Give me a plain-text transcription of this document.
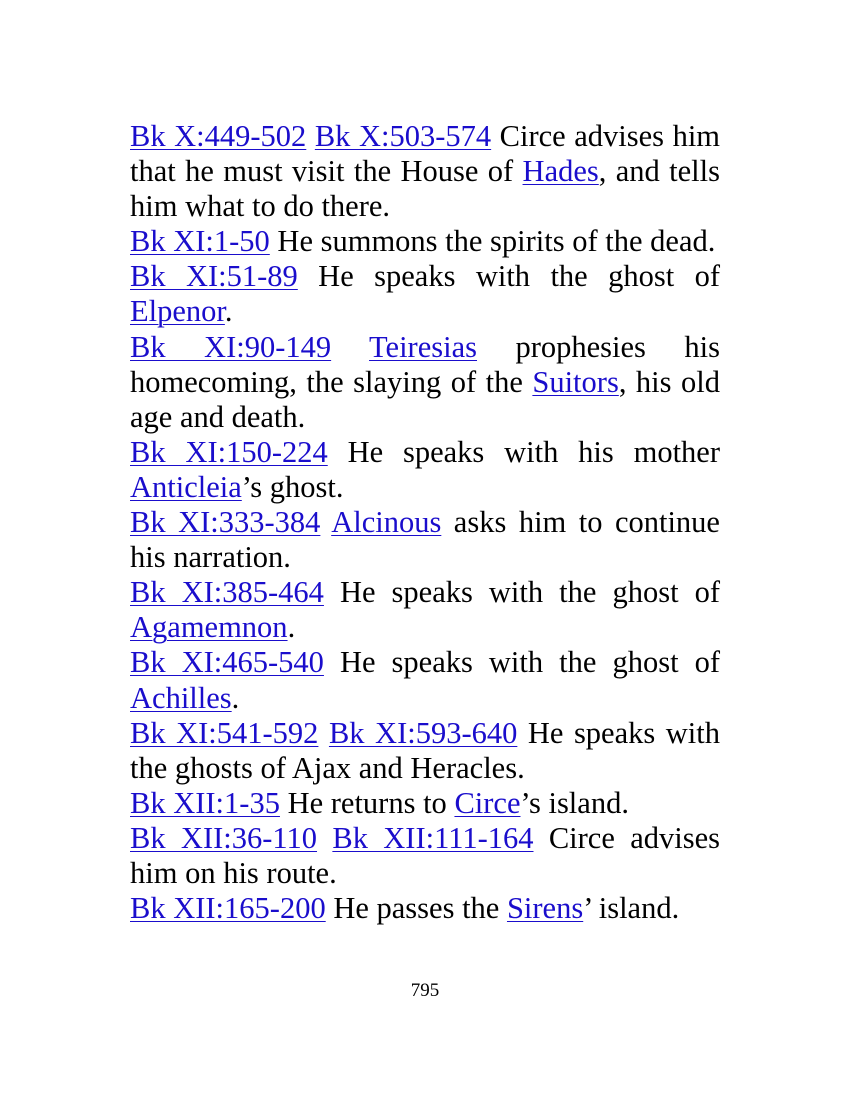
Bk X:449-502 Bk X:503-574 Circe advises him that he must visit the House of Hades, and tells him what to do there.

Bk XI:1-50 He summons the spirits of the dead.

Bk XI:51-89 He speaks with the ghost of Elpenor.

Bk XI:90-149 Teiresias prophesies his homecoming, the slaying of the Suitors, his old age and death.

Bk XI:150-224 He speaks with his mother Anticleia’s ghost.

Bk XI:333-384 Alcinous asks him to continue his narration.

Bk XI:385-464 He speaks with the ghost of Agamemnon.

Bk XI:465-540 He speaks with the ghost of Achilles.

Bk XI:541-592 Bk XI:593-640 He speaks with the ghosts of Ajax and Heracles.

Bk XII:1-35 He returns to Circe’s island.

Bk XII:36-110 Bk XII:111-164 Circe advises him on his route.

Bk XII:165-200 He passes the Sirens’ island.

795
